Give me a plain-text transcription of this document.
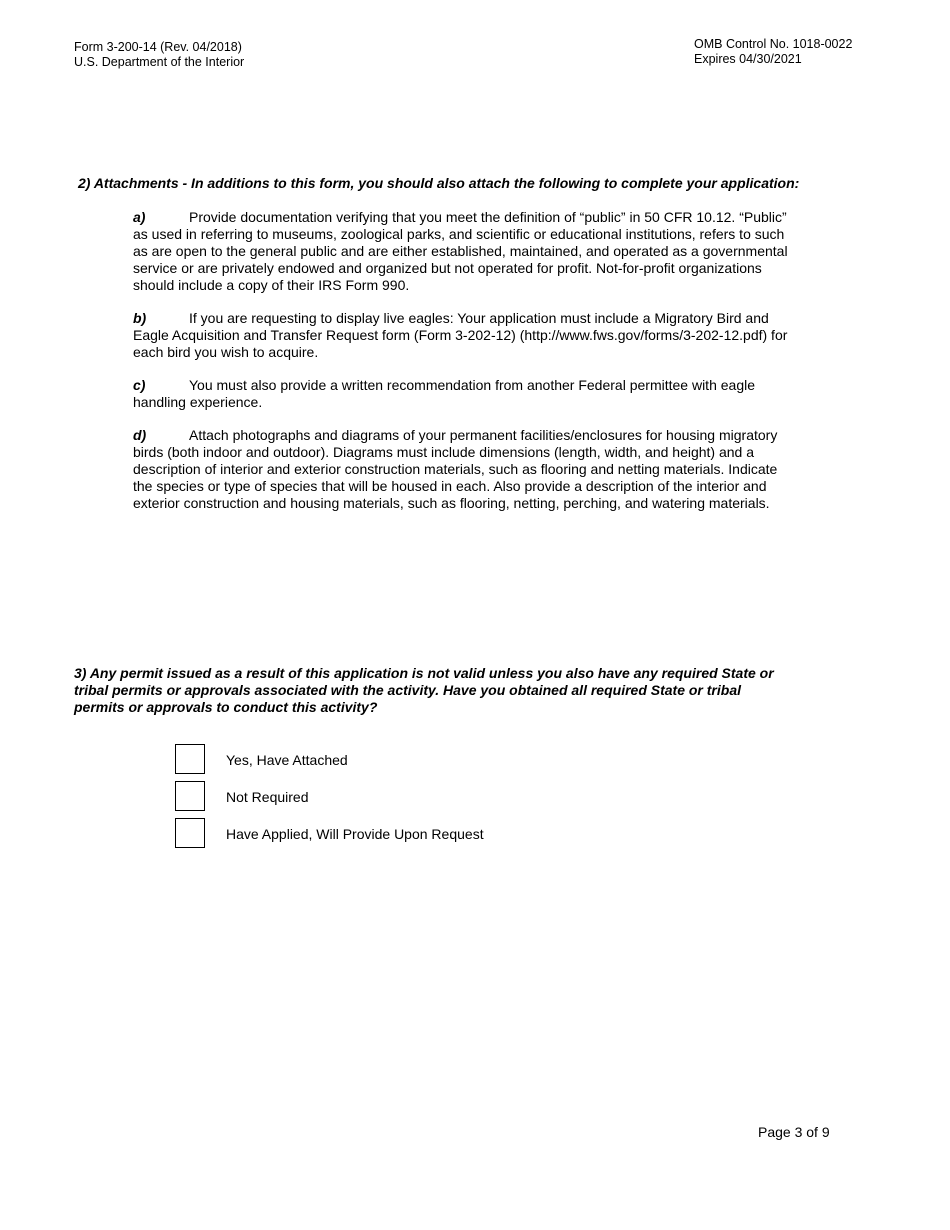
Form 3-200-14 (Rev. 04/2018)
U.S. Department of the Interior
OMB Control No. 1018-0022
Expires 04/30/2021
2) Attachments - In additions to this form, you should also attach the following to complete your application:
a)	Provide documentation verifying that you meet the definition of “public” in 50 CFR 10.12. “Public” as used in referring to museums, zoological parks, and scientific or educational institutions, refers to such as are open to the general public and are either established, maintained, and operated as a governmental service or are privately endowed and organized but not operated for profit. Not-for-profit organizations should include a copy of their IRS Form 990.
b)	If you are requesting to display live eagles: Your application must include a Migratory Bird and Eagle Acquisition and Transfer Request form (Form 3-202-12) (http://www.fws.gov/forms/3-202-12.pdf) for each bird you wish to acquire.
c)	You must also provide a written recommendation from another Federal permittee with eagle handling experience.
d)	Attach photographs and diagrams of your permanent facilities/enclosures for housing migratory birds (both indoor and outdoor). Diagrams must include dimensions (length, width, and height) and a description of interior and exterior construction materials, such as flooring and netting materials. Indicate the species or type of species that will be housed in each. Also provide a description of the interior and exterior construction and housing materials, such as flooring, netting, perching, and watering materials.
3) Any permit issued as a result of this application is not valid unless you also have any required State or tribal permits or approvals associated with the activity. Have you obtained all required State or tribal permits or approvals to conduct this activity?
Yes, Have Attached
Not Required
Have Applied, Will Provide Upon Request
Page 3 of 9
